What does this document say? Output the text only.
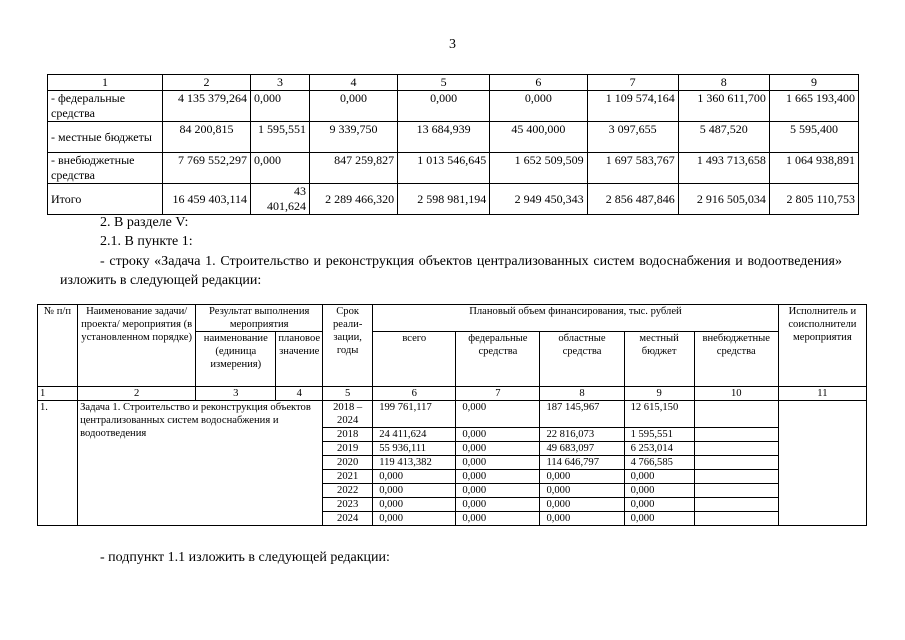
3
1	2	3	4	5	6	7	8	9
- федеральные средства	4 135 379,264	0,000	0,000	0,000	0,000	1 109 574,164	1 360 611,700	1 665 193,400
- местные бюджеты	84 200,815	1 595,551	9 339,750	13 684,939	45 400,000	3 097,655	5 487,520	5 595,400
- внебюджетные средства	7 769 552,297	0,000	847 259,827	1 013 546,645	1 652 509,509	1 697 583,767	1 493 713,658	1 064 938,891
Итого	16 459 403,114	43 401,624	2 289 466,320	2 598 981,194	2 949 450,343	2 856 487,846	2 916 505,034	2 805 110,753
2. В разделе V:
2.1. В пункте 1:
- строку «Задача 1. Строительство и реконструкция объектов централизованных систем водоснабжения и водоотведения» изложить в следующей редакции:
№ п/п	Наименование задачи/проекта/ мероприятия (в установленном порядке)	Результат выполнения мероприятия		Срок реали-зации, годы	Плановый объем финансирования, тыс. рублей					Исполнитель и соисполнители мероприятия
		наименование (единица измерения)	плановое значение		всего	федеральные средства	областные средства	местный бюджет	внебюджетные средства	

1	2	3	4	5	6	7	8	9	10	11
1.	Задача 1. Строительство и реконструкция объектов централизованных систем водоснабжения и водоотведения			2018 – 2024	199 761,117	0,000	187 145,967	12 615,150		
				2018	24 411,624	0,000	22 816,073	1 595,551		
				2019	55 936,111	0,000	49 683,097	6 253,014		
				2020	119 413,382	0,000	114 646,797	4 766,585		
				2021	0,000	0,000	0,000	0,000		
				2022	0,000	0,000	0,000	0,000		
				2023	0,000	0,000	0,000	0,000		
				2024	0,000	0,000	0,000	0,000		
- подпункт 1.1 изложить в следующей редакции:
